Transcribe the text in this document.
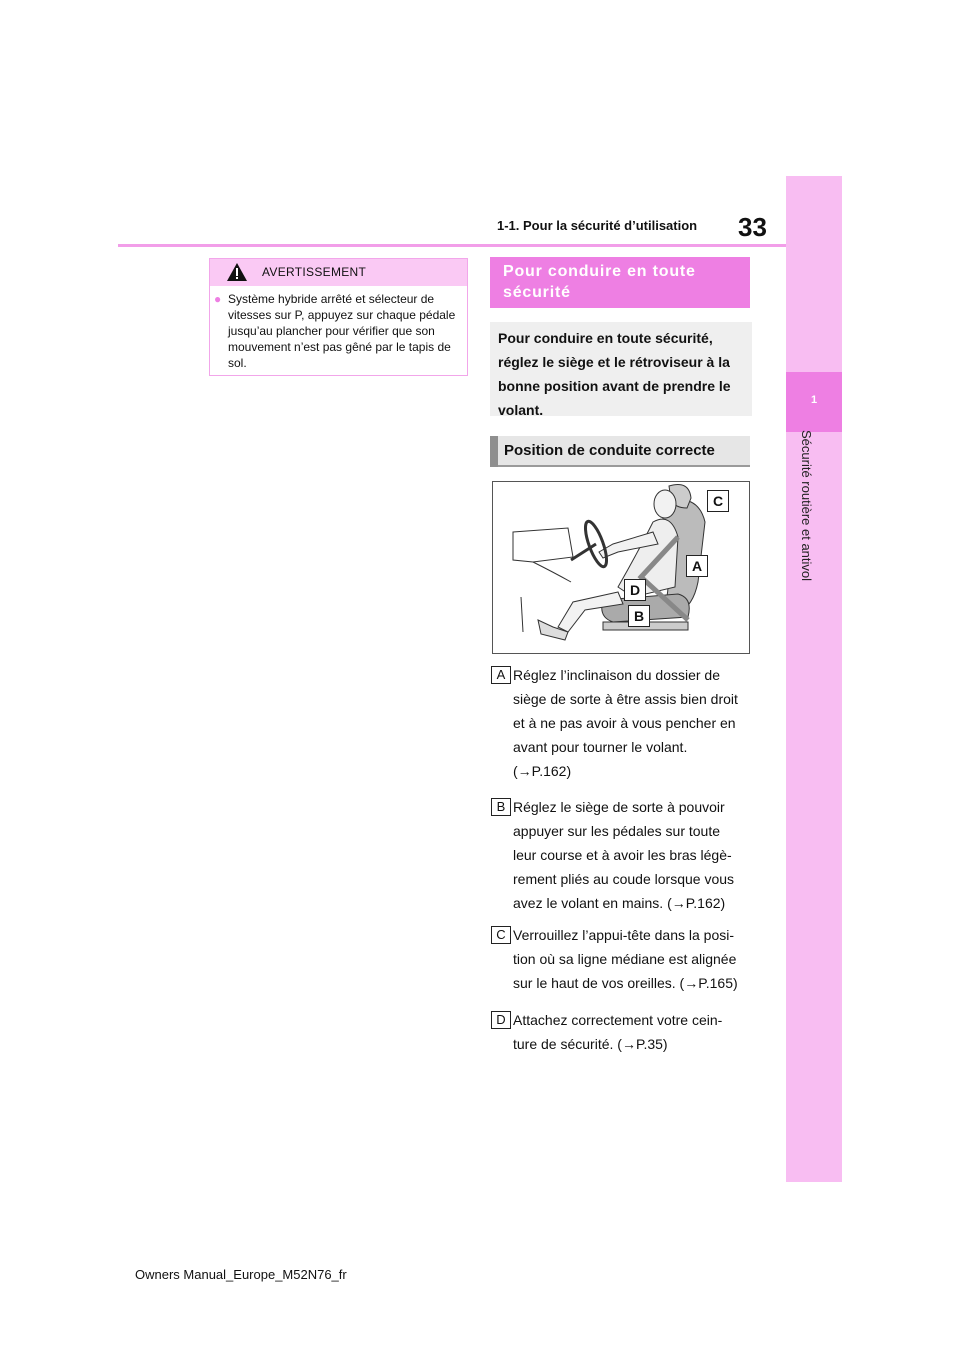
1
Sécurité routière et antivol
1-1. Pour la sécurité d’utilisation 33
AVERTISSEMENT
● Système hybride arrêté et sélecteur de vitesses sur P, appuyez sur chaque pédale jusqu’au plancher pour vérifier que son mouvement n’est pas gêné par le tapis de sol.
Pour conduire en toute sécurité
Pour conduire en toute sécurité, réglez le siège et le rétroviseur à la bonne position avant de prendre le volant.
Position de conduite correcte
C
A
D
B
A Réglez l’inclinaison du dossier de
siège de sorte à être assis bien droit
et à ne pas avoir à vous pencher en
avant pour tourner le volant.
(→P.162)
B Réglez le siège de sorte à pouvoir
appuyer sur les pédales sur toute
leur course et à avoir les bras légè-
rement pliés au coude lorsque vous
avez le volant en mains. (→P.162)
C Verrouillez l’appui-tête dans la posi-
tion où sa ligne médiane est alignée
sur le haut de vos oreilles. (→P.165)
D Attachez correctement votre cein-
ture de sécurité. (→P.35)
Owners Manual_Europe_M52N76_fr
